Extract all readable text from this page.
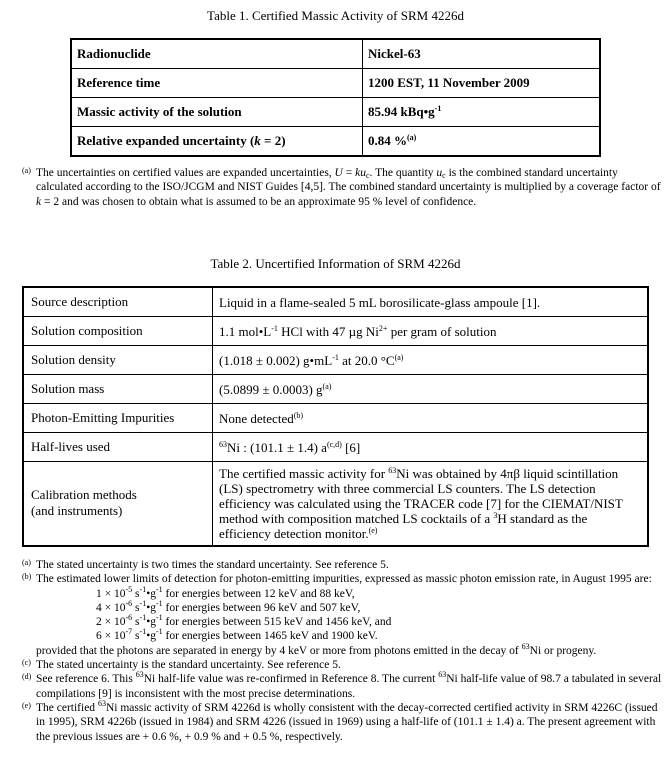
Table 1. Certified Massic Activity of SRM 4226d
Radionuclide	Nickel-63
Reference time	1200 EST, 11 November 2009
Massic activity of the solution	85.94 $kBq•g^{-1}$
Relative expanded uncertainty (k = 2)	0.84 %$^{(a)}$
(a) The uncertainties on certified values are expanded uncertainties, $U = ku_c$. The quantity $u_c$ is the combined standard uncertainty calculated according to the ISO/JCGM and NIST Guides [4,5]. The combined standard uncertainty is multiplied by a coverage factor of k = 2 and was chosen to obtain what is assumed to be an approximate 95 % level of confidence.
Table 2. Uncertified Information of SRM 4226d
Source description	Liquid in a flame-sealed 5 mL borosilicate-glass ampoule [1].
Solution composition	1.1 $mol•L^{-1}$ HCl with 47 µg $Ni^{2+}$ per gram of solution
Solution density	(1.018 ± 0.002) $g•mL^{-1}$ at 20.0 $^\circ C^{(a)}$
Solution mass	(5.0899 ± 0.0003) $g^{(a)}$
Photon-Emitting Impurities	None detected$^{(b)}$
Half-lives used	$^{63}$Ni : (101.1 ± 1.4) $a^{(c,d)}$ [6]
Calibration methods
(and instruments)	The certified massic activity for $^{63}$Ni was obtained by 4πβ liquid scintillation (LS) spectrometry with three commercial LS counters. The LS detection efficiency was calculated using the TRACER code [7] for the CIEMAT/NIST method with composition matched LS cocktails of a $^3$H standard as the efficiency detection monitor.$^{(e)}$
(a) The stated uncertainty is two times the standard uncertainty. See reference 5.
(b) The estimated lower limits of detection for photon-emitting impurities, expressed as massic photon emission rate, in August 1995 are:
$1 \times 10^{-5}$ $s^{-1}•g^{-1}$ for energies between 12 keV and 88 keV,
$4 \times 10^{-6}$ $s^{-1}•g^{-1}$ for energies between 96 keV and 507 keV,
$2 \times 10^{-6}$ $s^{-1}•g^{-1}$ for energies between 515 keV and 1456 keV, and
$6 \times 10^{-7}$ $s^{-1}•g^{-1}$ for energies between 1465 keV and 1900 keV.
provided that the photons are separated in energy by 4 keV or more from photons emitted in the decay of $^{63}$Ni or progeny.
(c) The stated uncertainty is the standard uncertainty. See reference 5.
(d) See reference 6. This $^{63}$Ni half-life value was re-confirmed in Reference 8. The current $^{63}$Ni half-life value of 98.7 a tabulated in several compilations [9] is inconsistent with the most precise determinations.
(e) The certified $^{63}$Ni massic activity of SRM 4226d is wholly consistent with the decay-corrected certified activity in SRM 4226C (issued in 1995), SRM 4226b (issued in 1984) and SRM 4226 (issued in 1969) using a half-life of (101.1 ± 1.4) a. The present agreement with the previous issues are + 0.6 %, + 0.9 % and + 0.5 %, respectively.
